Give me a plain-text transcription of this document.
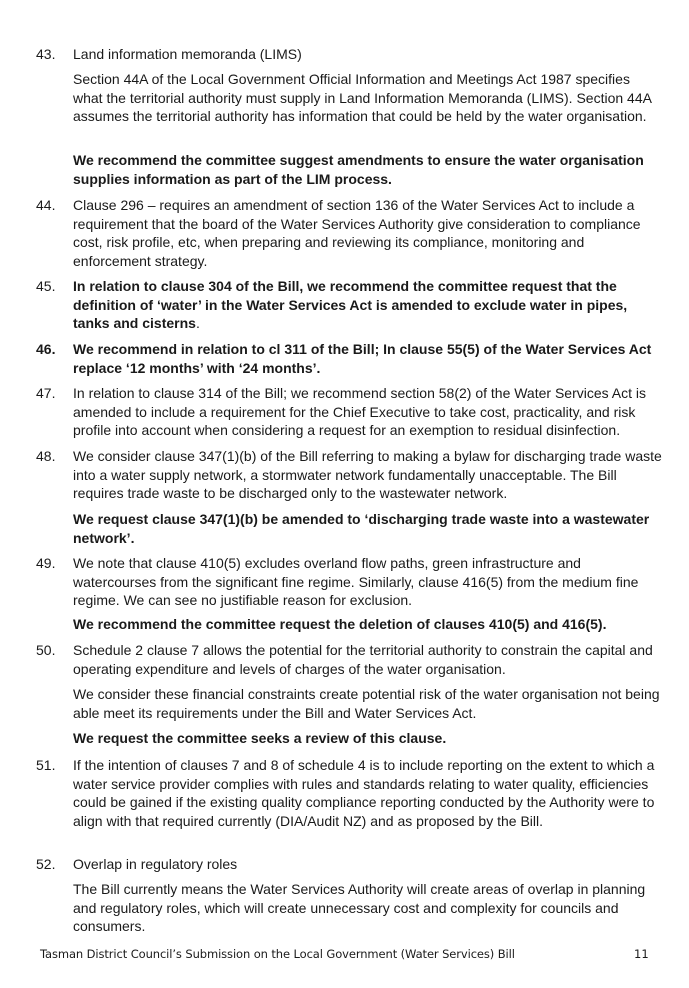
43. Land information memoranda (LIMS)

Section 44A of the Local Government Official Information and Meetings Act 1987 specifies what the territorial authority must supply in Land Information Memoranda (LIMS). Section 44A assumes the territorial authority has information that could be held by the water organisation.

We recommend the committee suggest amendments to ensure the water organisation supplies information as part of the LIM process.

44. Clause 296 – requires an amendment of section 136 of the Water Services Act to include a requirement that the board of the Water Services Authority give consideration to compliance cost, risk profile, etc, when preparing and reviewing its compliance, monitoring and enforcement strategy.

45. In relation to clause 304 of the Bill, we recommend the committee request that the definition of ‘water’ in the Water Services Act is amended to exclude water in pipes, tanks and cisterns.

46. We recommend in relation to cl 311 of the Bill; In clause 55(5) of the Water Services Act replace ‘12 months’ with ‘24 months’.

47. In relation to clause 314 of the Bill; we recommend section 58(2) of the Water Services Act is amended to include a requirement for the Chief Executive to take cost, practicality, and risk profile into account when considering a request for an exemption to residual disinfection.

48. We consider clause 347(1)(b) of the Bill referring to making a bylaw for discharging trade waste into a water supply network, a stormwater network fundamentally unacceptable. The Bill requires trade waste to be discharged only to the wastewater network.

We request clause 347(1)(b) be amended to ‘discharging trade waste into a wastewater network’.

49. We note that clause 410(5) excludes overland flow paths, green infrastructure and watercourses from the significant fine regime. Similarly, clause 416(5) from the medium fine regime. We can see no justifiable reason for exclusion.

We recommend the committee request the deletion of clauses 410(5) and 416(5).

50. Schedule 2 clause 7 allows the potential for the territorial authority to constrain the capital and operating expenditure and levels of charges of the water organisation.

We consider these financial constraints create potential risk of the water organisation not being able meet its requirements under the Bill and Water Services Act.

We request the committee seeks a review of this clause.

51. If the intention of clauses 7 and 8 of schedule 4 is to include reporting on the extent to which a water service provider complies with rules and standards relating to water quality, efficiencies could be gained if the existing quality compliance reporting conducted by the Authority were to align with that required currently (DIA/Audit NZ) and as proposed by the Bill.

52. Overlap in regulatory roles

The Bill currently means the Water Services Authority will create areas of overlap in planning and regulatory roles, which will create unnecessary cost and complexity for councils and consumers.

Tasman District Council’s Submission on the Local Government (Water Services) Bill	11
